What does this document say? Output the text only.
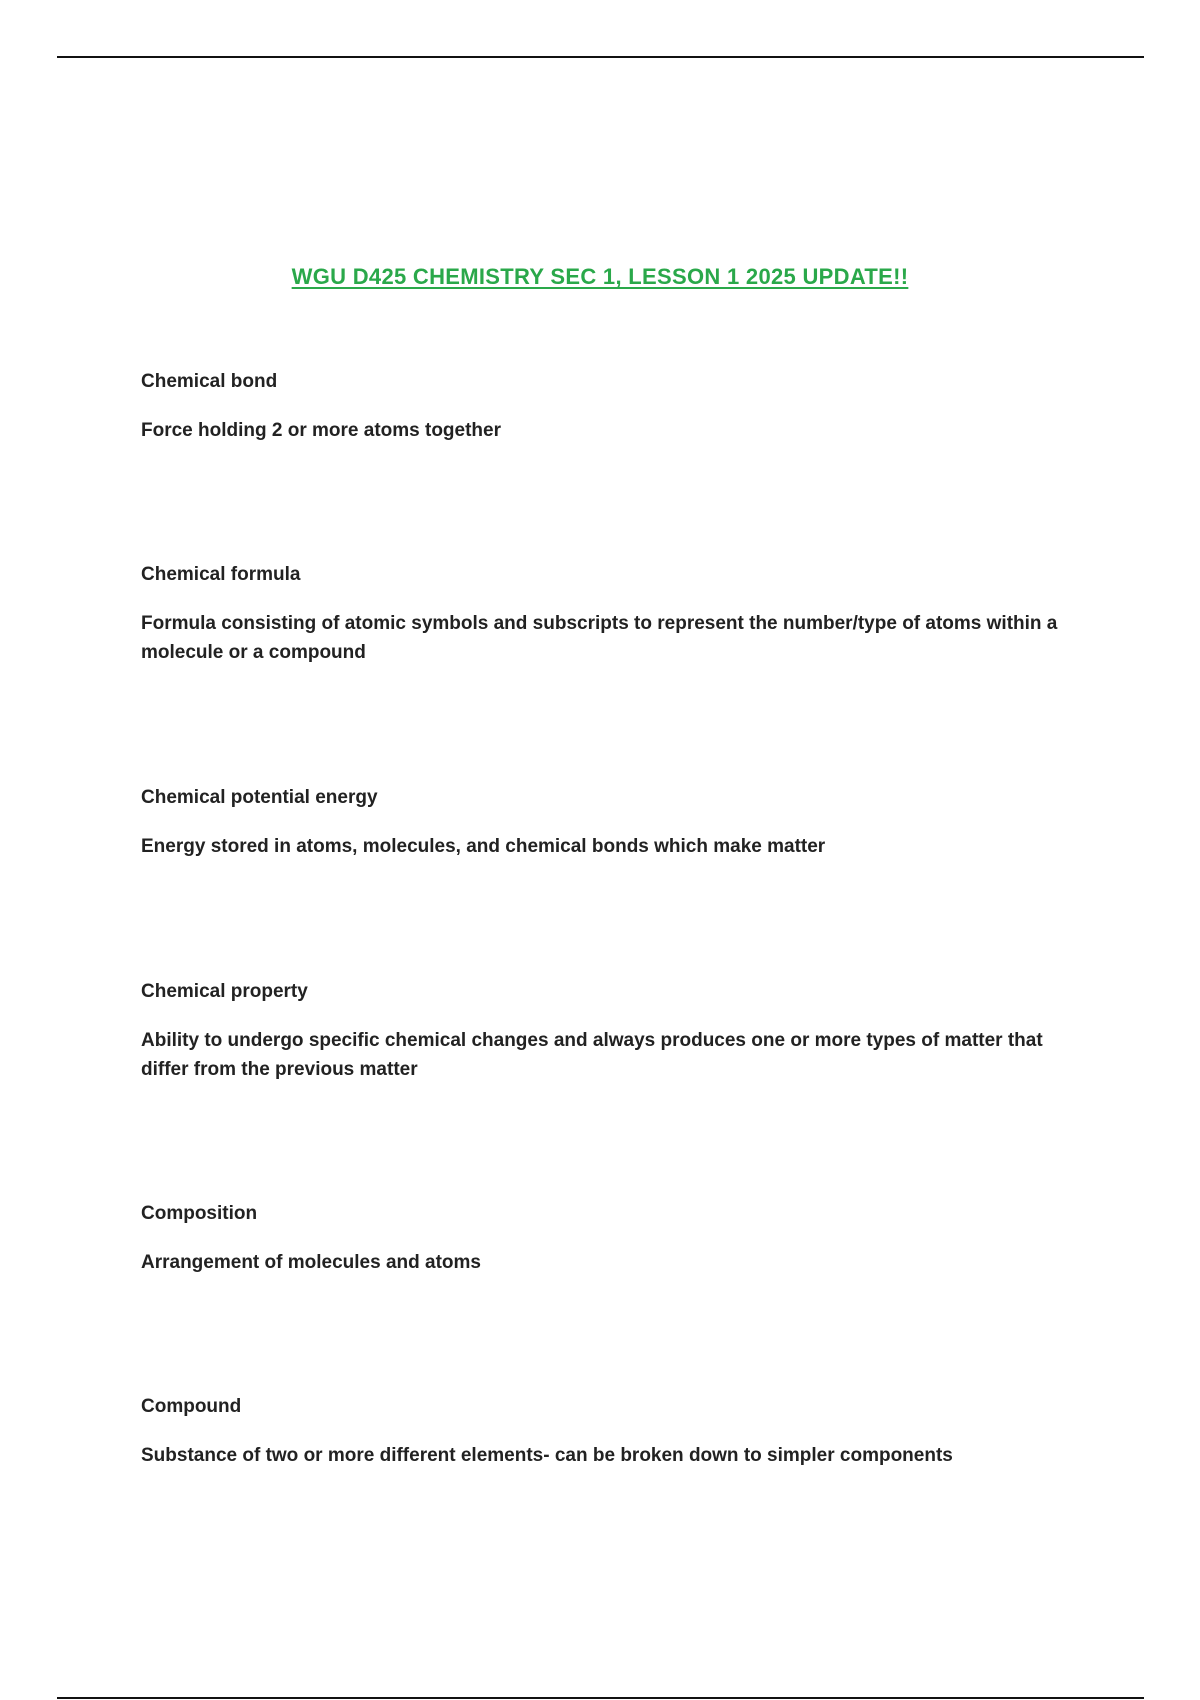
WGU D425 CHEMISTRY SEC 1, LESSON 1 2025 UPDATE!!

Chemical bond

Force holding 2 or more atoms together

Chemical formula

Formula consisting of atomic symbols and subscripts to represent the number/type of atoms within a molecule or a compound

Chemical potential energy

Energy stored in atoms, molecules, and chemical bonds which make matter

Chemical property

Ability to undergo specific chemical changes and always produces one or more types of matter that differ from the previous matter

Composition

Arrangement of molecules and atoms

Compound

Substance of two or more different elements- can be broken down to simpler components
